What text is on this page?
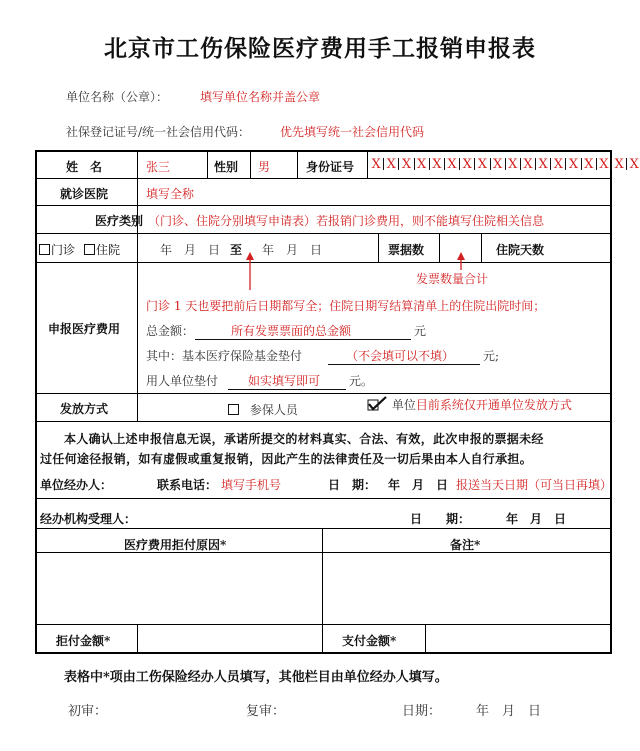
北京市工伤保险医疗费用手工报销申报表
单位名称（公章）：	填写单位名称并盖公章
社保登记证号/统一社会信用代码： 优先填写统一社会信用代码
姓　名	张三	性别 男	身份证号 X X X X X X X X X X X X X X X X X X
就诊医院	填写全称
医疗类别 （门诊、住院分别填写申请表）若报销门诊费用，则不能填写住院相关信息
门诊	住院	年　月　日 至 年　月　日	票据数	住院天数
发票数量合计
门诊 1 天也要把前后日期都写全；住院日期写结算清单上的住院出院时间；
申报医疗费用 总金额：	所有发票票面的总金额	元
其中：基本医疗保险基金垫付	（不会填可以不填）	元;
用人单位垫付	如实填写即可	元。
发放方式	参保人员	单位目前系统仅开通单位发放方式
本人确认上述申报信息无误，承诺所提交的材料真实、合法、有效，此次申报的票据未经
过任何途径报销，如有虚假或重复报销，因此产生的法律责任及一切后果由本人自行承担。
单位经办人：	联系电话： 填写手机号	日　期： 年　月　日 报送当天日期（可当日再填）
经办机构受理人：	日　　期：	年　月　日
医疗费用拒付原因*	备注*
拒付金额*	支付金额*
表格中*项由工伤保险经办人员填写，其他栏目由单位经办人填写。
初审：	复审：	日期：	年　月　日
